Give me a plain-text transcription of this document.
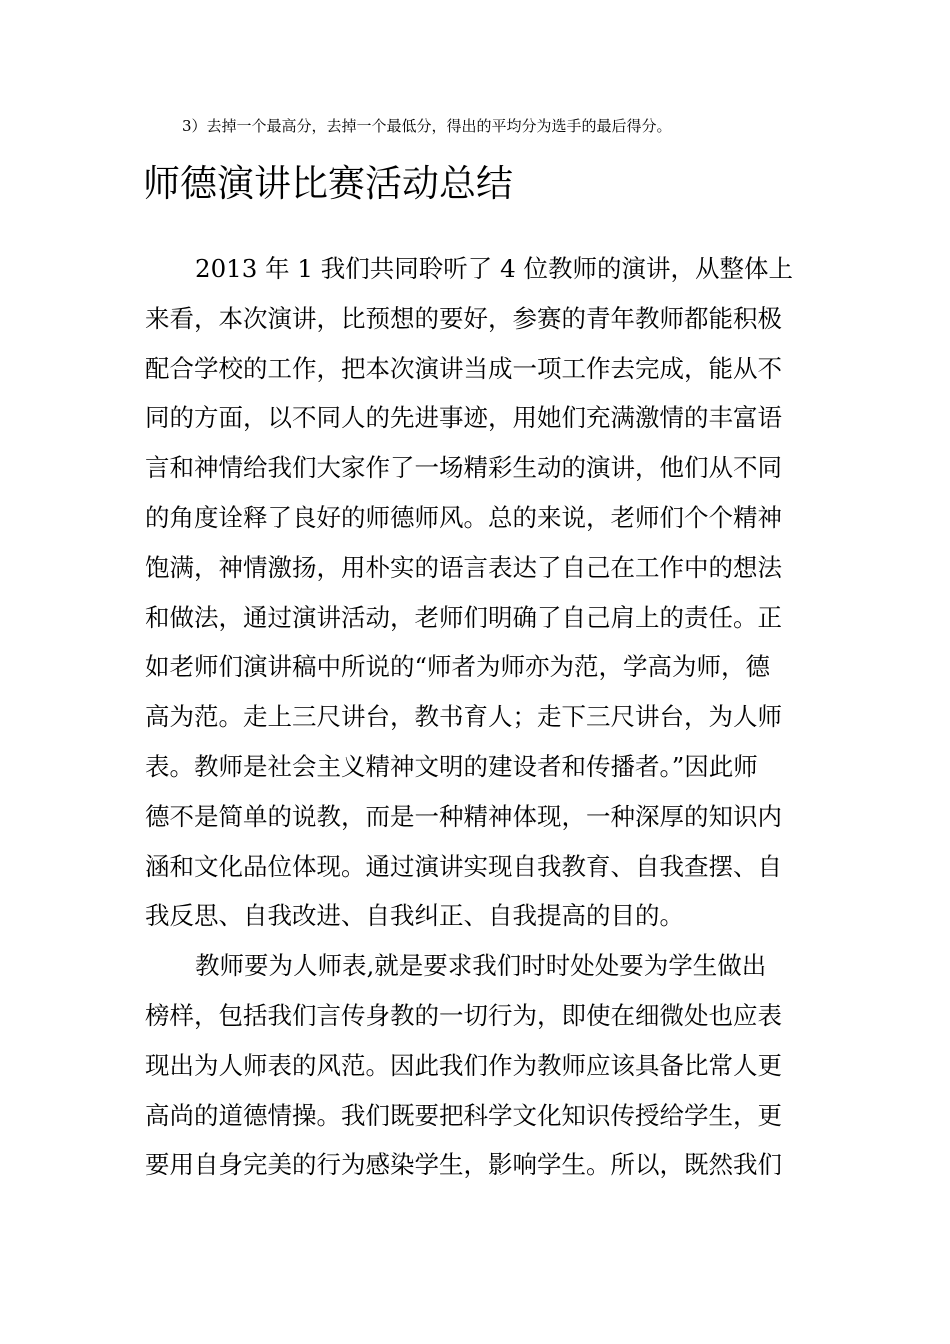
3）去掉一个最高分，去掉一个最低分，得出的平均分为选手的最后得分。
师德演讲比赛活动总结
2013 年 1 我们共同聆听了 4 位教师的演讲，从整体上
来看，本次演讲，比预想的要好，参赛的青年教师都能积极
配合学校的工作，把本次演讲当成一项工作去完成，能从不
同的方面，以不同人的先进事迹，用她们充满激情的丰富语
言和神情给我们大家作了一场精彩生动的演讲，他们从不同
的角度诠释了良好的师德师风。总的来说，老师们个个精神
饱满，神情激扬，用朴实的语言表达了自己在工作中的想法
和做法，通过演讲活动，老师们明确了自己肩上的责任。正
如老师们演讲稿中所说的“师者为师亦为范，学高为师，德
高为范。走上三尺讲台，教书育人；走下三尺讲台，为人师
表。教师是社会主义精神文明的建设者和传播者。”因此师
德不是简单的说教，而是一种精神体现，一种深厚的知识内
涵和文化品位体现。通过演讲实现自我教育、自我查摆、自
我反思、自我改进、自我纠正、自我提高的目的。
教师要为人师表,就是要求我们时时处处要为学生做出
榜样，包括我们言传身教的一切行为，即使在细微处也应表
现出为人师表的风范。因此我们作为教师应该具备比常人更
高尚的道德情操。我们既要把科学文化知识传授给学生，更
要用自身完美的行为感染学生，影响学生。所以，既然我们
